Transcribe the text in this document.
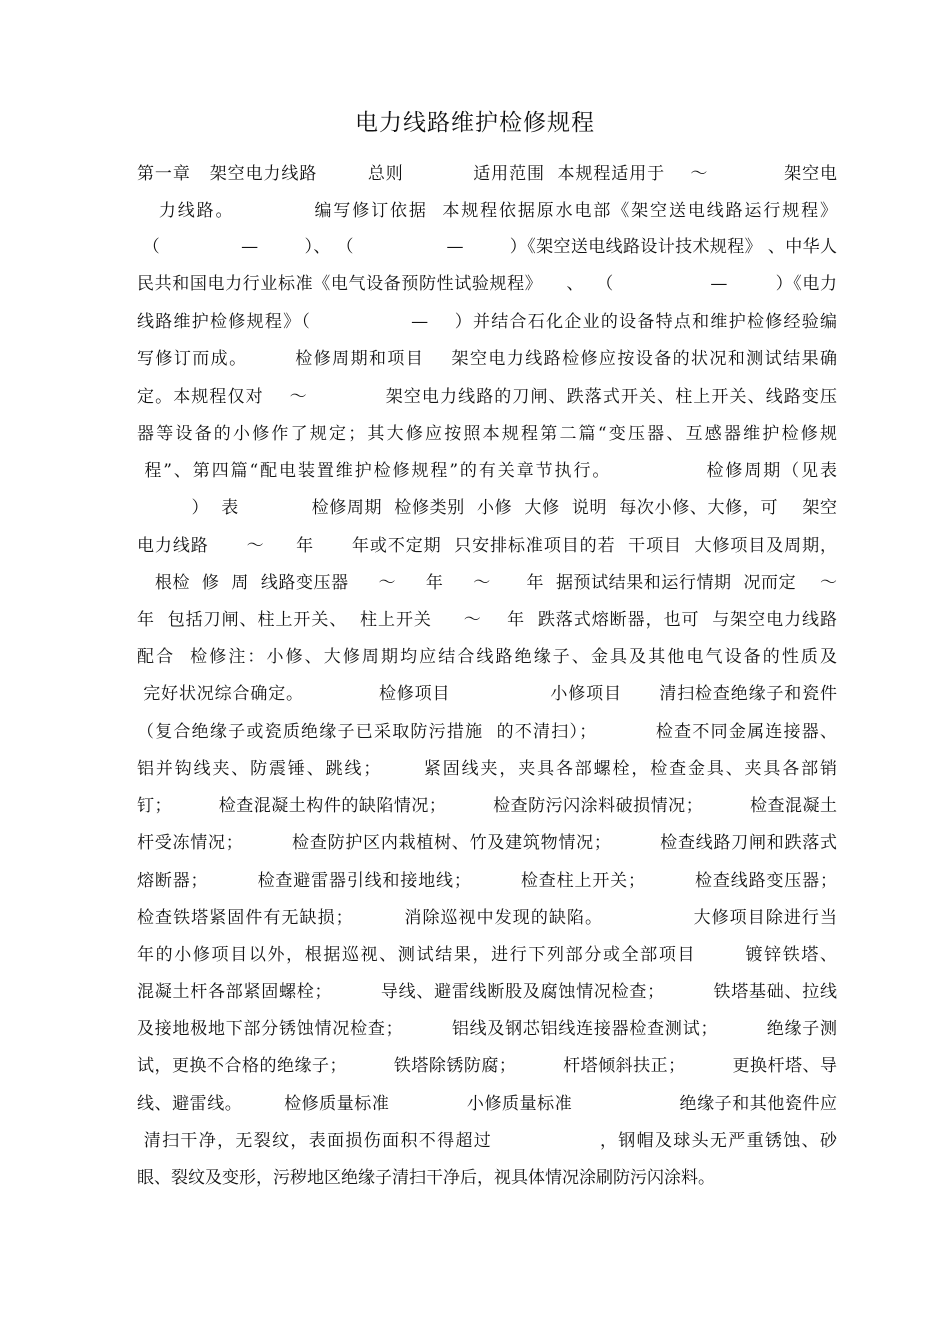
电力线路维护检修规程
第一章   架空电力线路        总则           适用范围  本规程适用于    ～            架空电
力线路。           编写修订依据  本规程依据原水电部《架空送电线路运行规程》
（              —        ）、 （                —        ）《架空送电线路设计技术规程》 、中华人
民共和国电力行业标准《电气设备预防性试验规程》    、  （                —        ）《电力
线路维护检修规程》（               —    ）并结合石化企业的设备特点和维护检修经验编
写修订而成。       检修周期和项目    架空电力线路检修应按设备的状况和测试结果确
定。本规程仅对    ～            架空电力线路的刀闸、跌落式开关、柱上开关、线路变压
器等设备的小修作了规定；其大修应按照本规程第二篇“变压器、互感器维护检修规
程”、第四篇“配电装置维护检修规程”的有关章节执行。             检修周期（见表
）  表            检修周期  检修类别  小修  大修  说明  每次小修、大修，可    架空
电力线路      ～     年      年或不定期  只安排标准项目的若  干项目  大修项目及周期，
根检  修  周  线路变压器     ～     年     ～      年  据预试结果和运行情期  况而定    ～
年  包括刀闸、柱上开关、  柱上开关     ～    年  跌落式熔断器，也可  与架空电力线路
配合  检修注：小修、大修周期均应结合线路绝缘子、金具及其他电气设备的性质及
完好状况综合确定。            检修项目                小修项目      清扫检查绝缘子和瓷件
（复合绝缘子或瓷质绝缘子已采取防污措施  的不清扫）；         检查不同金属连接器、
铝并钩线夹、防震锤、跳线；      紧固线夹，夹具各部螺栓，检查金具、夹具各部销
钉；        检查混凝土构件的缺陷情况；        检查防污闪涂料破损情况；        检查混凝土
杆受冻情况；        检查防护区内栽植树、竹及建筑物情况；        检查线路刀闸和跌落式
熔断器；        检查避雷器引线和接地线；        检查柱上开关；        检查线路变压器；
检查铁塔紧固件有无缺损；        消除巡视中发现的缺陷。              大修项目除进行当
年的小修项目以外，根据巡视、测试结果，进行下列部分或全部项目       镀锌铁塔、
混凝土杆各部紧固螺栓；        导线、避雷线断股及腐蚀情况检查；        铁塔基础、拉线
及接地极地下部分锈蚀情况检查；        铝线及钢芯铝线连接器检查测试；        绝缘子测
试，更换不合格的绝缘子；        铁塔除锈防腐；        杆塔倾斜扶正；        更换杆塔、导
线、避雷线。       检修质量标准             小修质量标准                  绝缘子和其他瓷件应
清扫干净，无裂纹，表面损伤面积不得超过                ，钢帽及球头无严重锈蚀、砂
眼、裂纹及变形，污秽地区绝缘子清扫干净后，视具体情况涂刷防污闪涂料。
